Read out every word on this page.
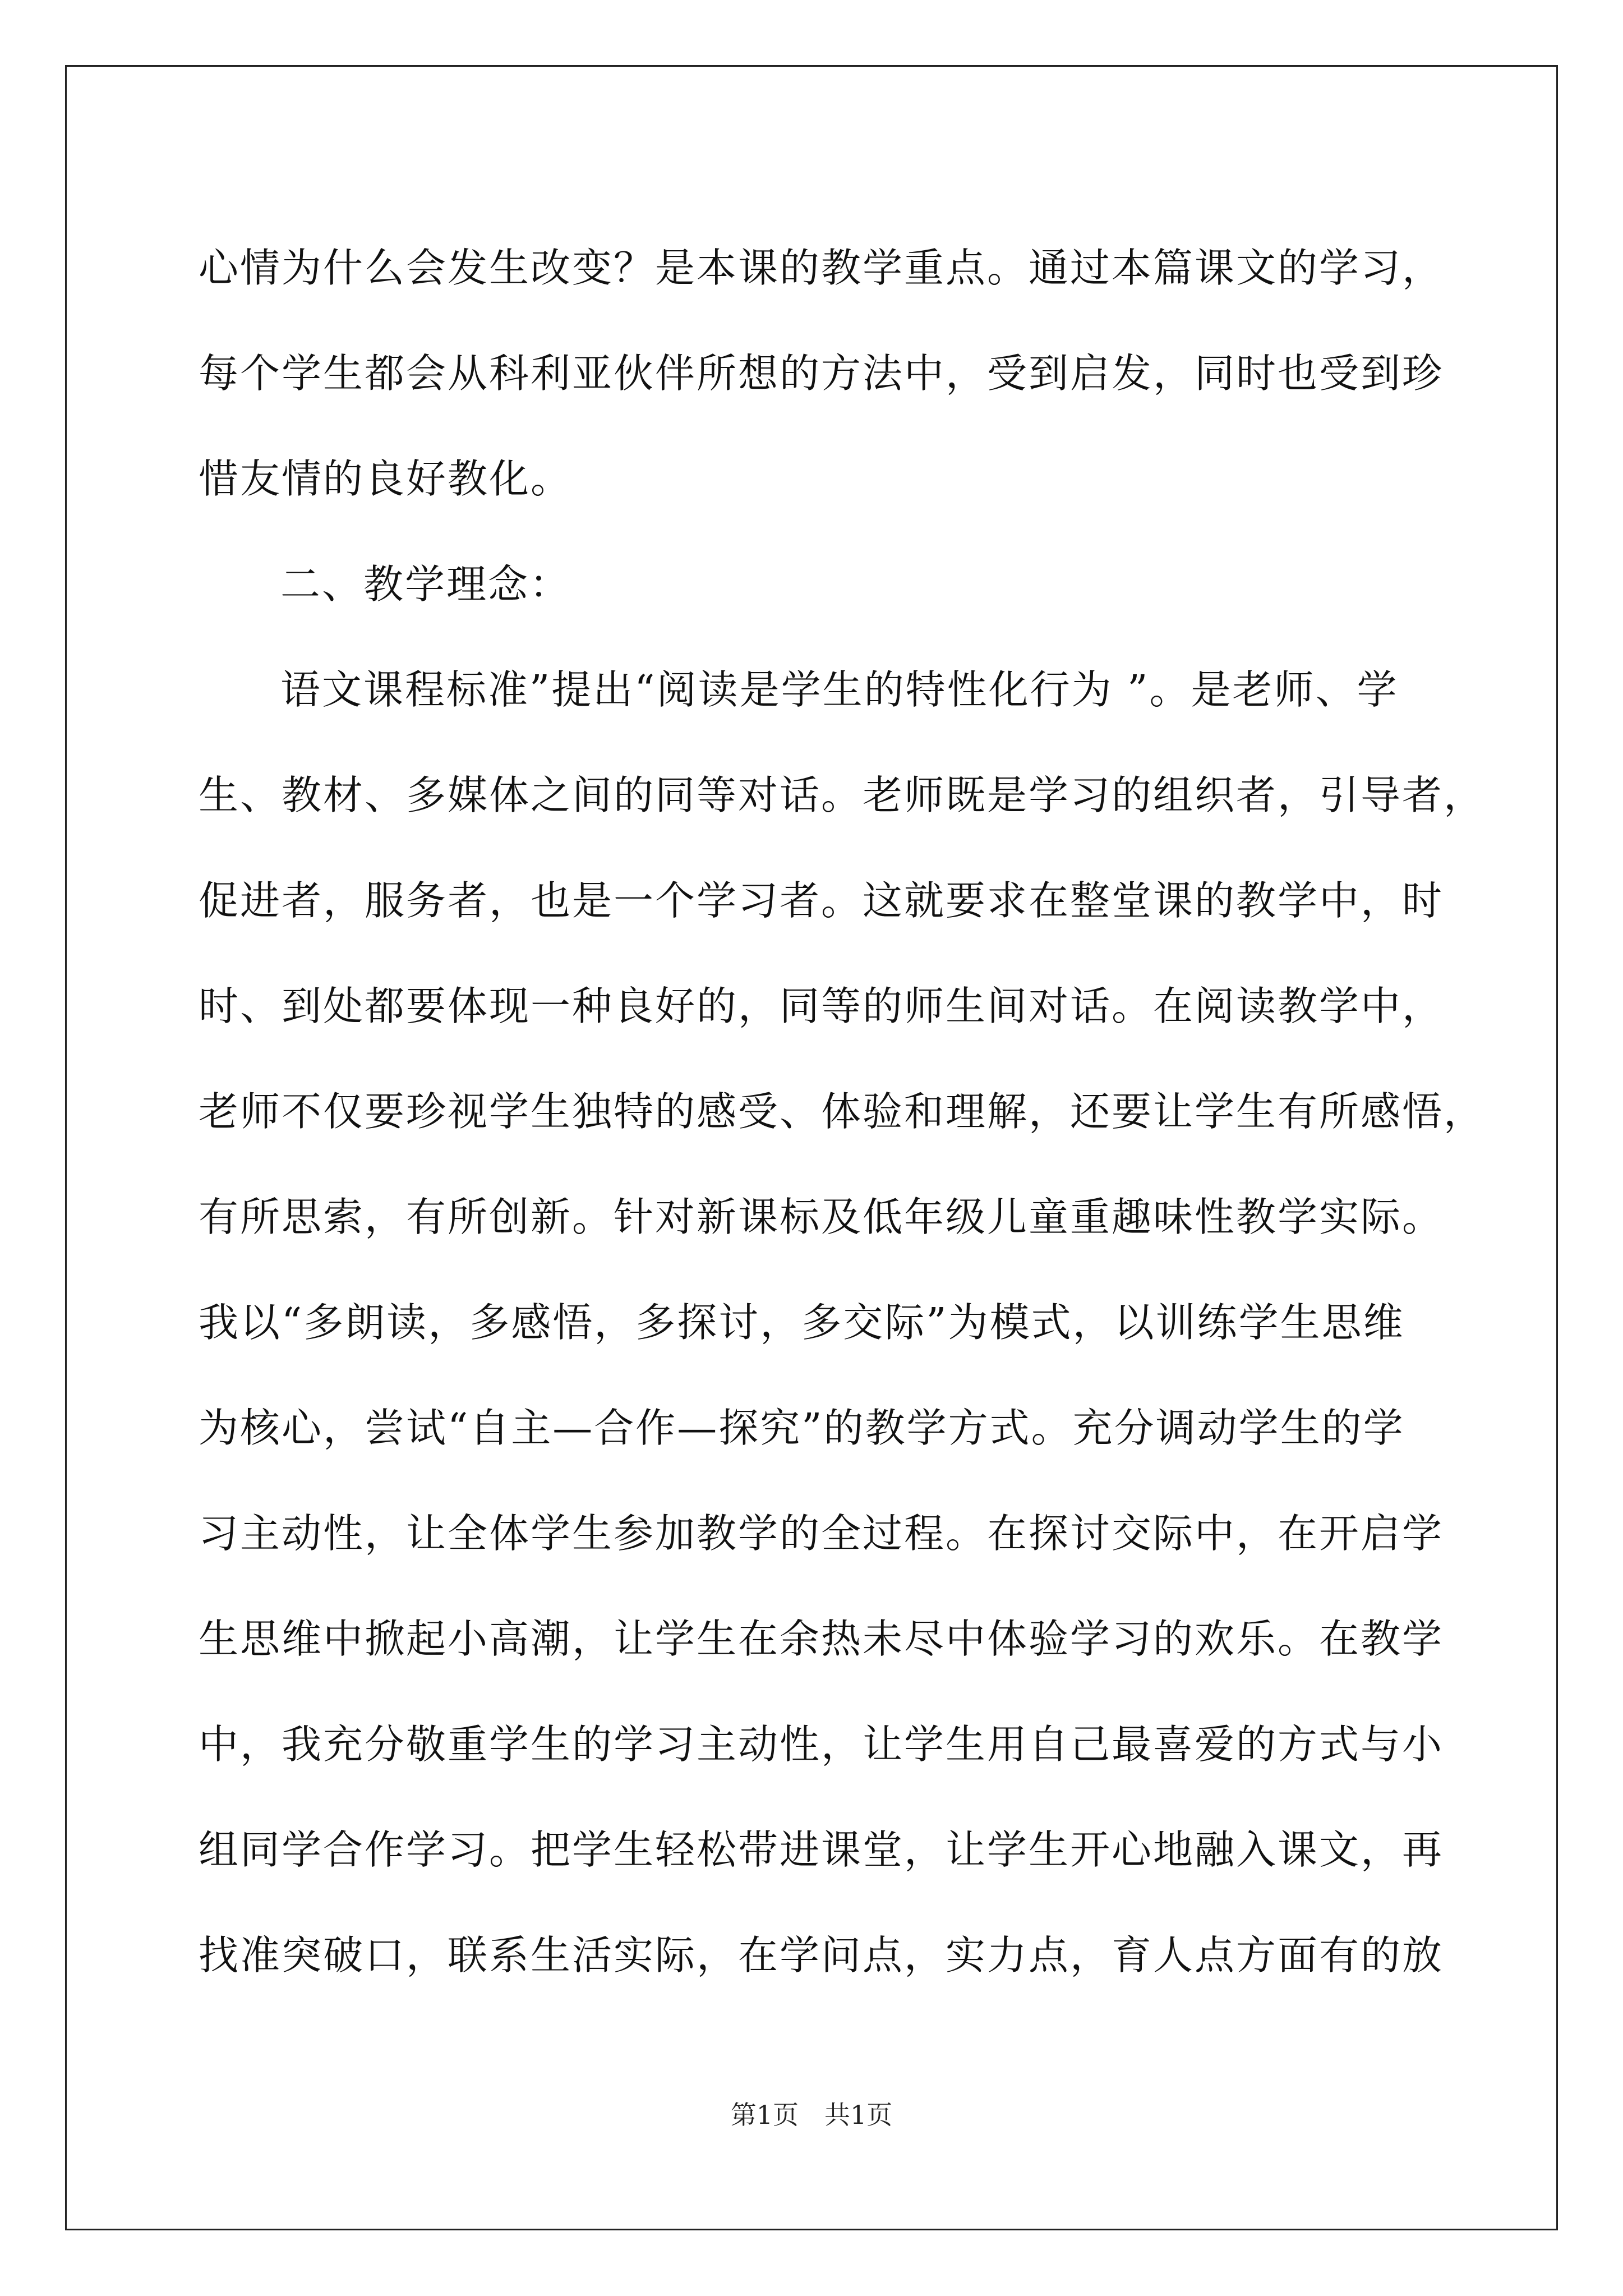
心情为什么会发生改变？是本课的教学重点。通过本篇课文的学习，
每个学生都会从科利亚伙伴所想的方法中，受到启发，同时也受到珍
惜友情的良好教化。
二、教学理念：
语文课程标准”提出“阅读是学生的特性化行为 ”。是老师、学
生、教材、多媒体之间的同等对话。老师既是学习的组织者，引导者，
促进者，服务者，也是一个学习者。这就要求在整堂课的教学中，时
时、到处都要体现一种良好的，同等的师生间对话。在阅读教学中，
老师不仅要珍视学生独特的感受、体验和理解，还要让学生有所感悟，
有所思索，有所创新。针对新课标及低年级儿童重趣味性教学实际。
我以“多朗读，多感悟，多探讨，多交际”为模式，以训练学生思维
为核心，尝试“自主—合作—探究”的教学方式。充分调动学生的学
习主动性，让全体学生参加教学的全过程。在探讨交际中，在开启学
生思维中掀起小高潮，让学生在余热未尽中体验学习的欢乐。在教学
中，我充分敬重学生的学习主动性，让学生用自己最喜爱的方式与小
组同学合作学习。把学生轻松带进课堂，让学生开心地融入课文，再
找准突破口，联系生活实际，在学问点，实力点，育人点方面有的放
第1页　共1页
